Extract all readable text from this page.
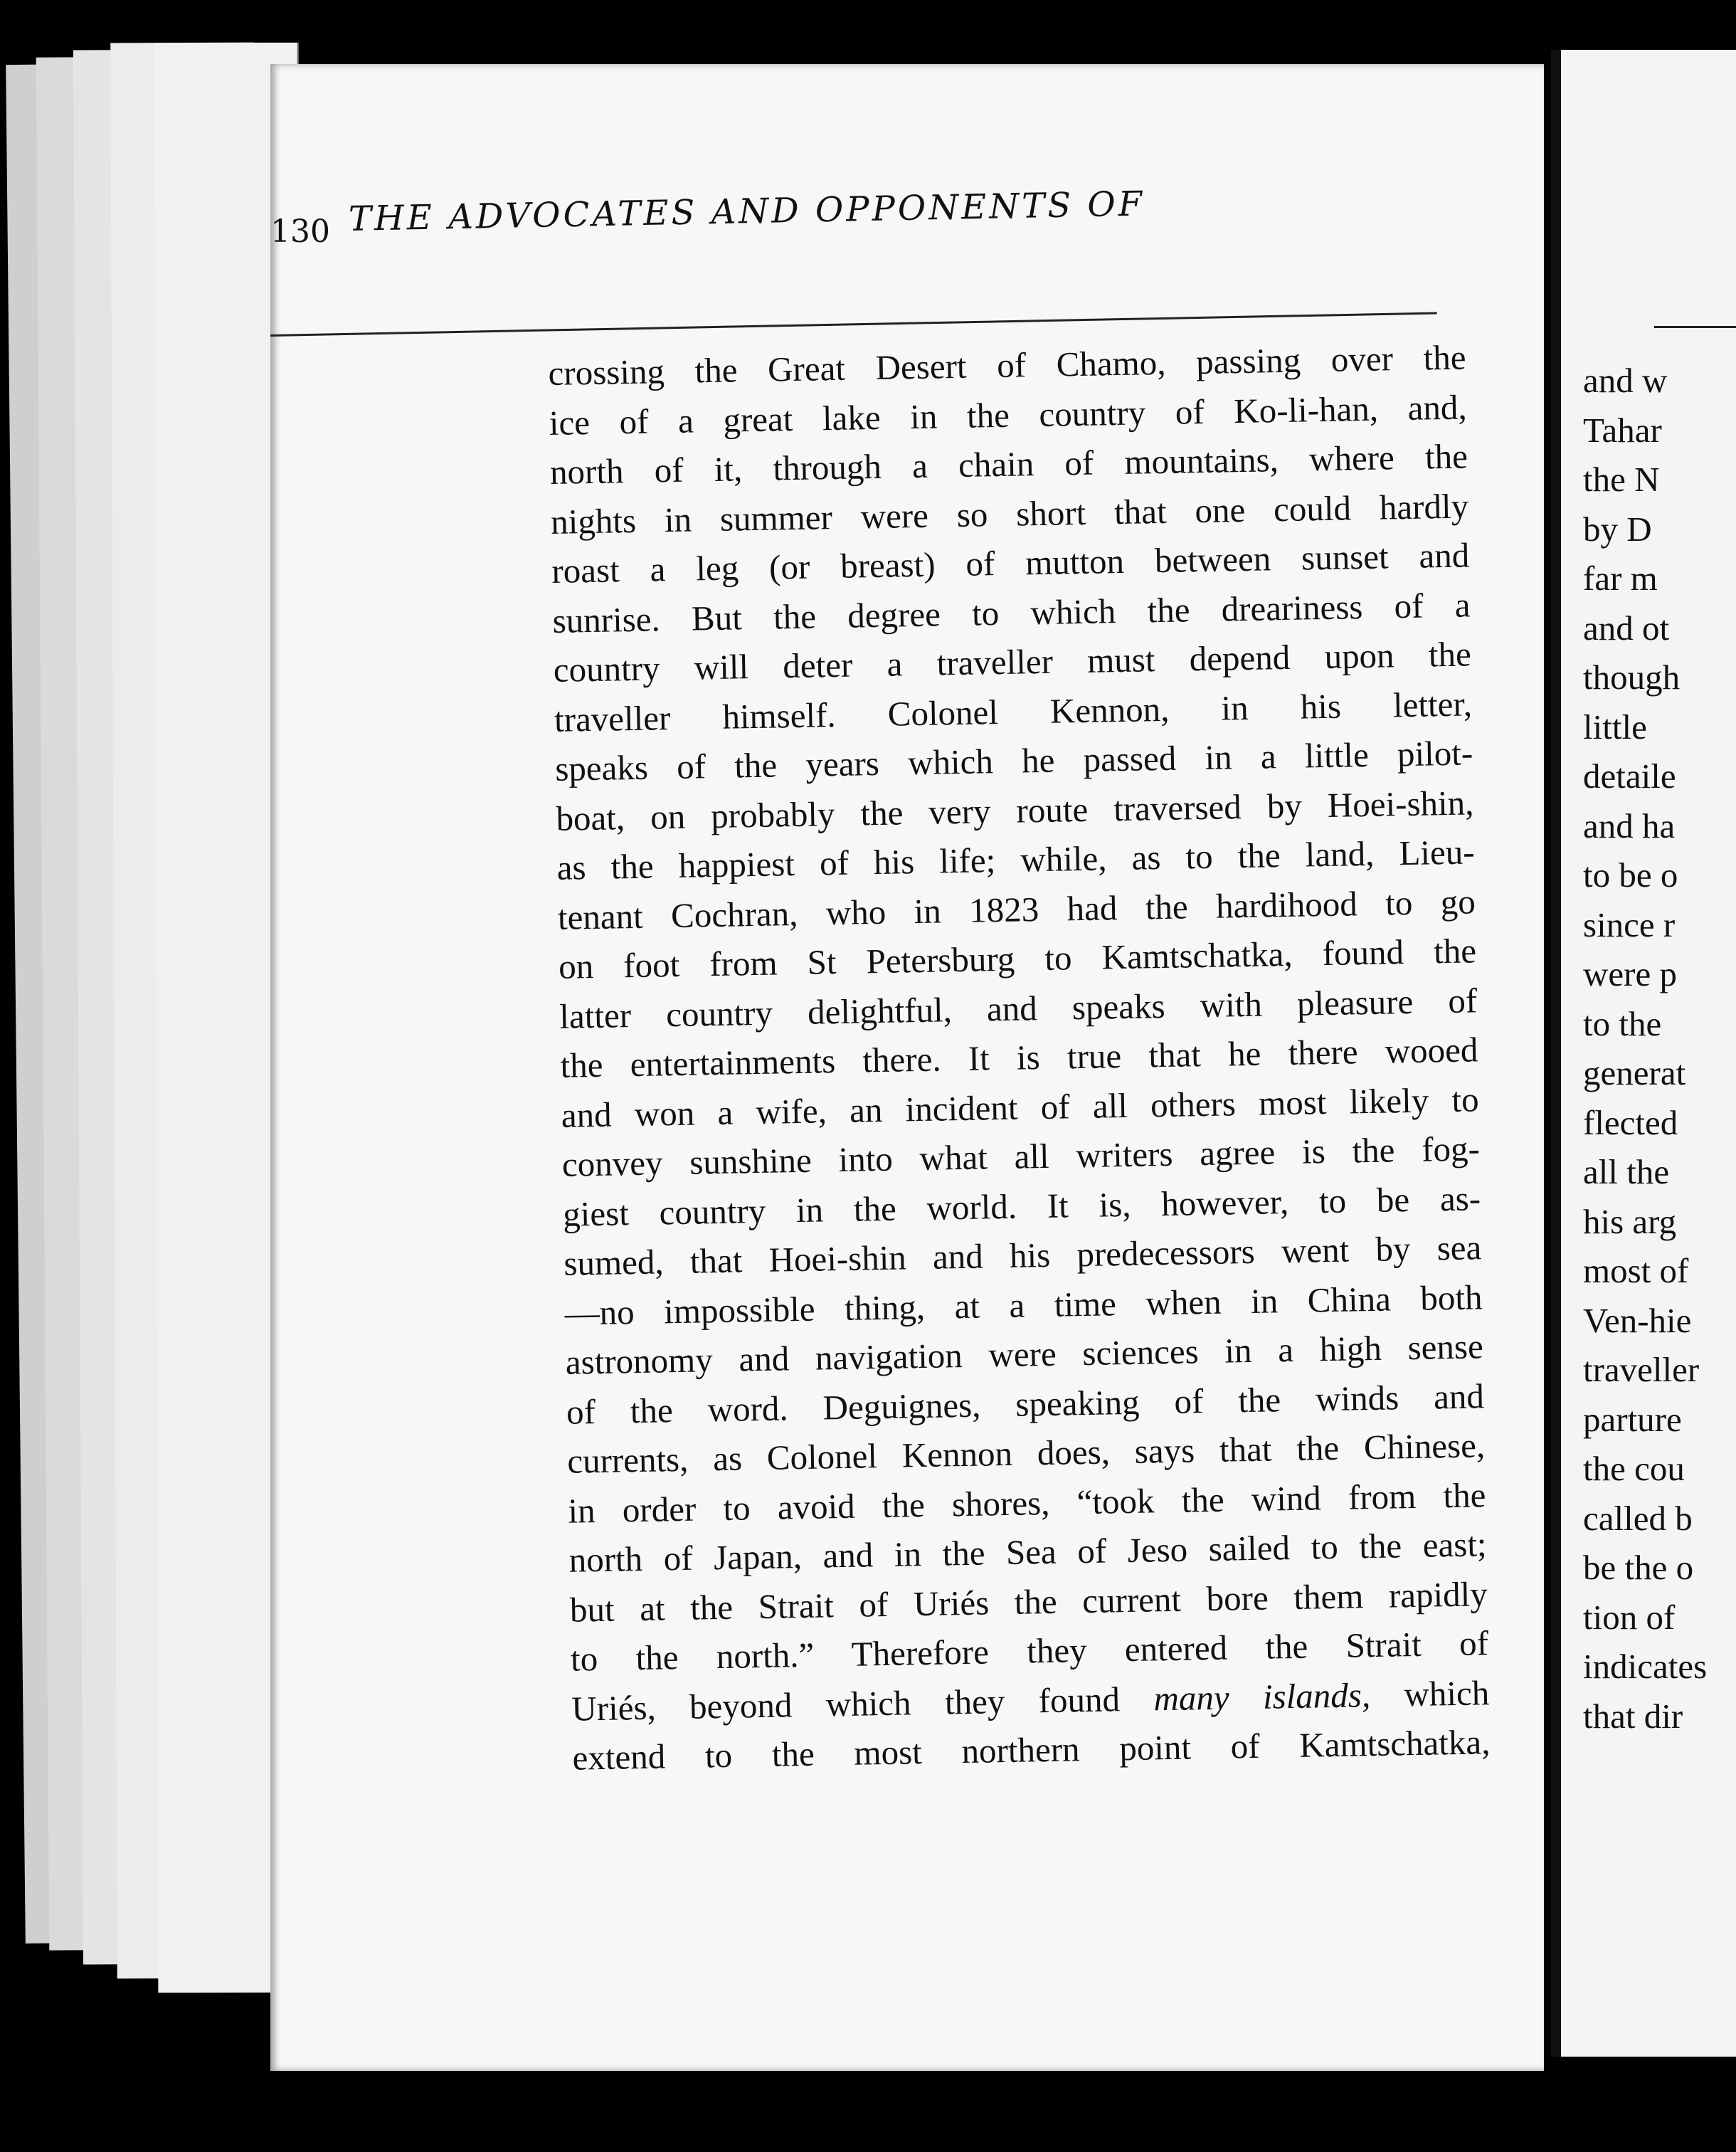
130 THE ADVOCATES AND OPPONENTS OF
crossing the Great Desert of Chamo, passing over the
ice of a great lake in the country of Ko-li-han, and,
north of it, through a chain of mountains, where the
nights in summer were so short that one could hardly
roast a leg (or breast) of mutton between sunset and
sunrise. But the degree to which the dreariness of a
country will deter a traveller must depend upon the
traveller himself. Colonel Kennon, in his letter,
speaks of the years which he passed in a little pilot-
boat, on probably the very route traversed by Hoei-shin,
as the happiest of his life; while, as to the land, Lieu-
tenant Cochran, who in 1823 had the hardihood to go
on foot from St Petersburg to Kamtschatka, found the
latter country delightful, and speaks with pleasure of
the entertainments there. It is true that he there wooed
and won a wife, an incident of all others most likely to
convey sunshine into what all writers agree is the fog-
giest country in the world. It is, however, to be as-
sumed, that Hoei-shin and his predecessors went by sea
—no impossible thing, at a time when in China both
astronomy and navigation were sciences in a high sense
of the word. Deguignes, speaking of the winds and
currents, as Colonel Kennon does, says that the Chinese,
in order to avoid the shores, “took the wind from the
north of Japan, and in the Sea of Jeso sailed to the east;
but at the Strait of Uriés the current bore them rapidly
to the north.” Therefore they entered the Strait of
Uriés, beyond which they found many islands, which
extend to the most northern point of Kamtschatka,
and w
Tahar
the N
by D
far m
and ot
though
little
detaile
and ha
to be o
since r
were p
to the
generat
flected
all the
his arg
most of
Ven-hie
traveller
parture
the cou
called b
be the o
tion of
indicates
that dir
